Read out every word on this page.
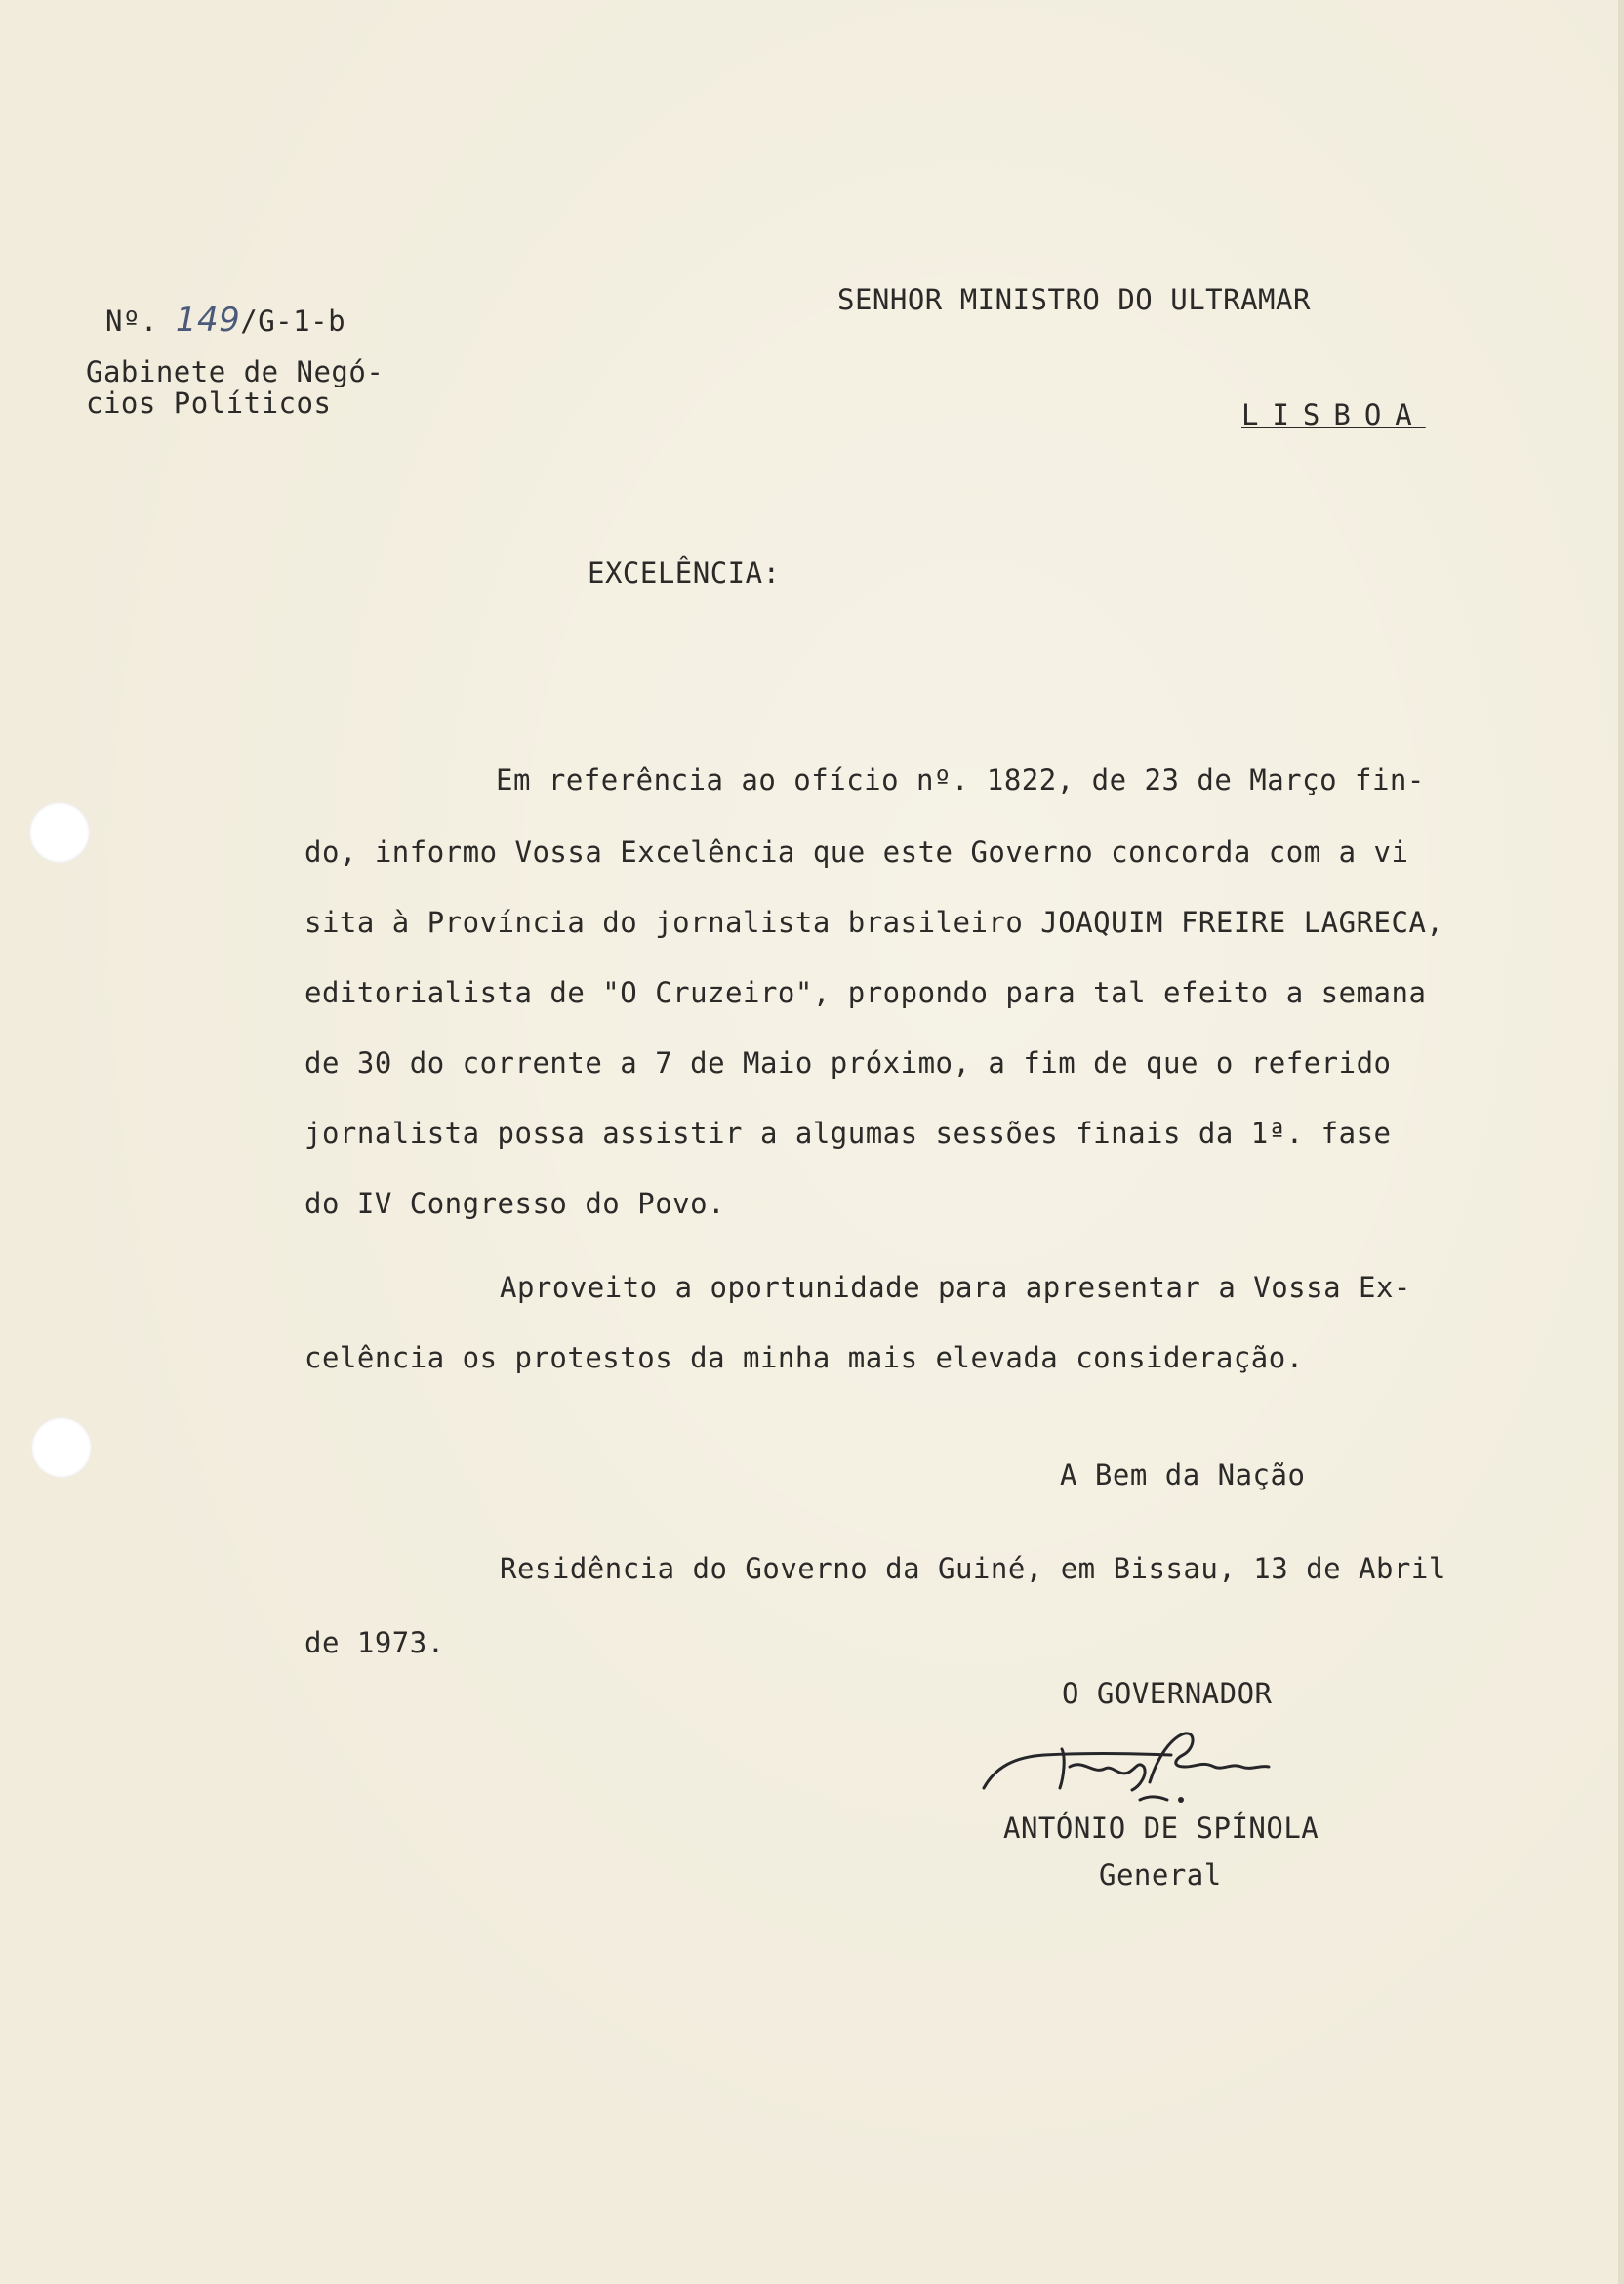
Nº. 149/G-1-b
Gabinete de Negó-
cios Políticos
SENHOR MINISTRO DO ULTRAMAR
LISBOA
EXCELÊNCIA:
Em referência ao ofício nº. 1822, de 23 de Março fin-
do, informo Vossa Excelência que este Governo concorda com a vi
sita à Província do jornalista brasileiro JOAQUIM FREIRE LAGRECA,
editorialista de "O Cruzeiro", propondo para tal efeito a semana
de 30 do corrente a 7 de Maio próximo, a fim de que o referido
jornalista possa assistir a algumas sessões finais da 1ª. fase
do IV Congresso do Povo.
Aproveito a oportunidade para apresentar a Vossa Ex-
celência os protestos da minha mais elevada consideração.
A Bem da Nação
Residência do Governo da Guiné, em Bissau, 13 de Abril
de 1973.
O GOVERNADOR
ANTÓNIO DE SPÍNOLA
General
